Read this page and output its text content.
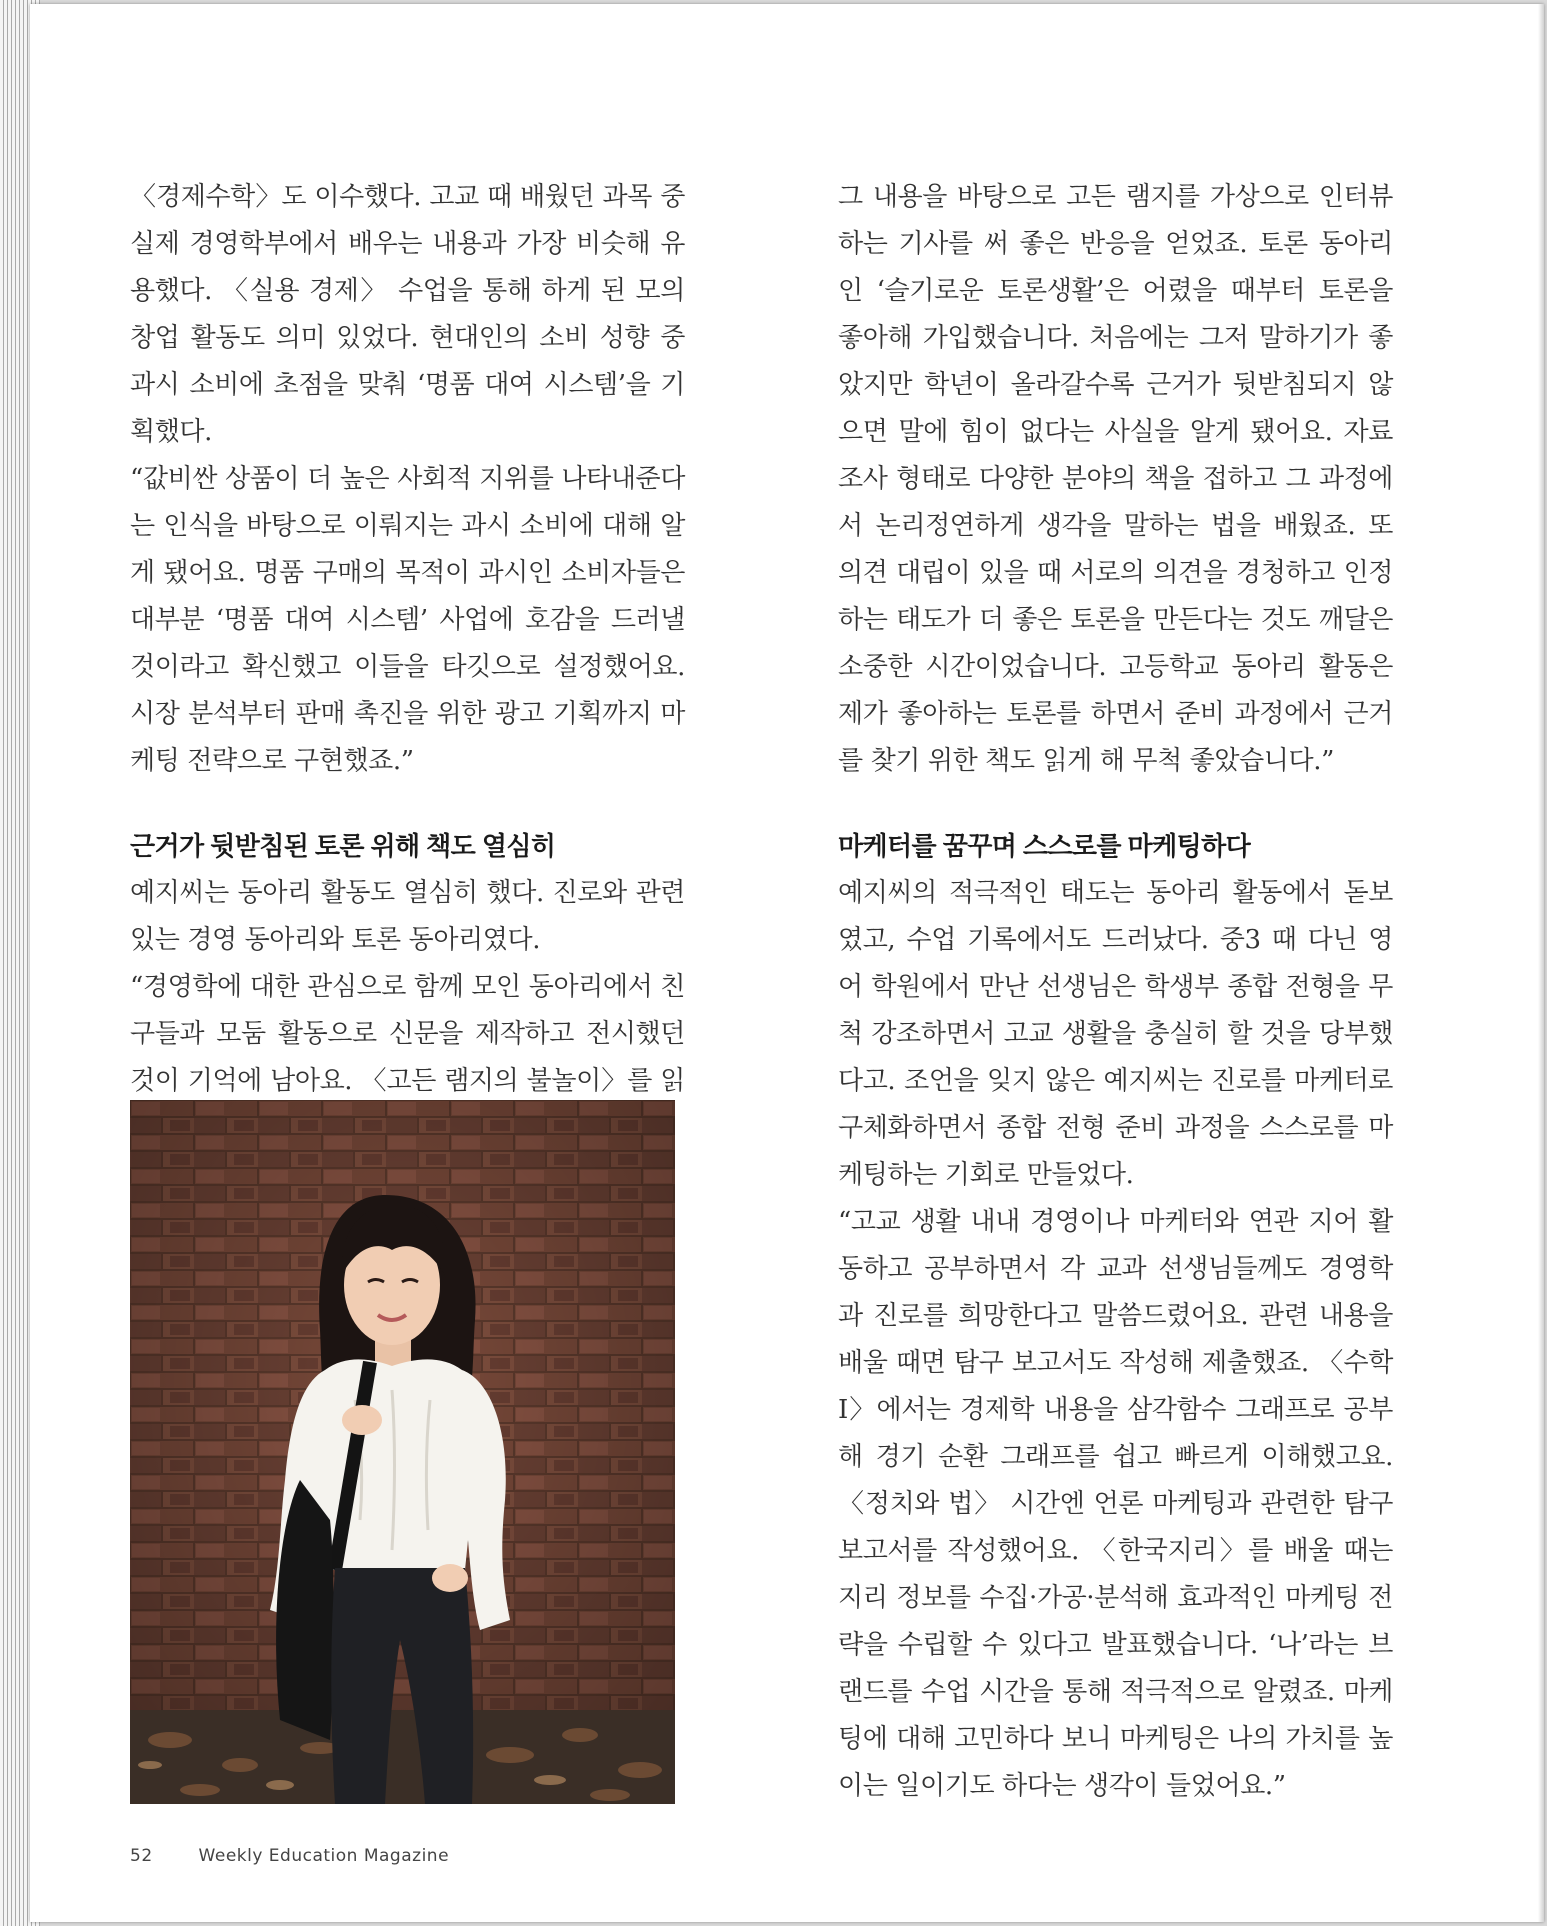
〈경제수학〉도 이수했다. 고교 때 배웠던 과목 중 실제 경영학부에서 배우는 내용과 가장 비슷해 유용했다. 〈실용 경제〉 수업을 통해 하게 된 모의 창업 활동도 의미 있었다. 현대인의 소비 성향 중 과시 소비에 초점을 맞춰 ‘명품 대여 시스템’을 기획했다.

“값비싼 상품이 더 높은 사회적 지위를 나타내준다는 인식을 바탕으로 이뤄지는 과시 소비에 대해 알게 됐어요. 명품 구매의 목적이 과시인 소비자들은 대부분 ‘명품 대여 시스템’ 사업에 호감을 드러낼 것이라고 확신했고 이들을 타깃으로 설정했어요. 시장 분석부터 판매 촉진을 위한 광고 기획까지 마케팅 전략으로 구현했죠.”

근거가 뒷받침된 토론 위해 책도 열심히

예지씨는 동아리 활동도 열심히 했다. 진로와 관련 있는 경영 동아리와 토론 동아리였다.

“경영학에 대한 관심으로 함께 모인 동아리에서 친구들과 모둠 활동으로 신문을 제작하고 전시했던 것이 기억에 남아요. 〈고든 램지의 불놀이〉를 읽

그 내용을 바탕으로 고든 램지를 가상으로 인터뷰하는 기사를 써 좋은 반응을 얻었죠. 토론 동아리인 ‘슬기로운 토론생활’은 어렸을 때부터 토론을 좋아해 가입했습니다. 처음에는 그저 말하기가 좋았지만 학년이 올라갈수록 근거가 뒷받침되지 않으면 말에 힘이 없다는 사실을 알게 됐어요. 자료 조사 형태로 다양한 분야의 책을 접하고 그 과정에서 논리정연하게 생각을 말하는 법을 배웠죠. 또 의견 대립이 있을 때 서로의 의견을 경청하고 인정하는 태도가 더 좋은 토론을 만든다는 것도 깨달은 소중한 시간이었습니다. 고등학교 동아리 활동은 제가 좋아하는 토론를 하면서 준비 과정에서 근거를 찾기 위한 책도 읽게 해 무척 좋았습니다.”

마케터를 꿈꾸며 스스로를 마케팅하다

예지씨의 적극적인 태도는 동아리 활동에서 돋보였고, 수업 기록에서도 드러났다. 중3 때 다닌 영어 학원에서 만난 선생님은 학생부 종합 전형을 무척 강조하면서 고교 생활을 충실히 할 것을 당부했다고. 조언을 잊지 않은 예지씨는 진로를 마케터로 구체화하면서 종합 전형 준비 과정을 스스로를 마케팅하는 기회로 만들었다.

“고교 생활 내내 경영이나 마케터와 연관 지어 활동하고 공부하면서 각 교과 선생님들께도 경영학과 진로를 희망한다고 말씀드렸어요. 관련 내용을 배울 때면 탐구 보고서도 작성해 제출했죠. 〈수학Ⅰ〉에서는 경제학 내용을 삼각함수 그래프로 공부해 경기 순환 그래프를 쉽고 빠르게 이해했고요. 〈정치와 법〉 시간엔 언론 마케팅과 관련한 탐구 보고서를 작성했어요. 〈한국지리〉를 배울 때는 지리 정보를 수집·가공·분석해 효과적인 마케팅 전략을 수립할 수 있다고 발표했습니다. ‘나’라는 브랜드를 수업 시간을 통해 적극적으로 알렸죠. 마케팅에 대해 고민하다 보니 마케팅은 나의 가치를 높이는 일이기도 하다는 생각이 들었어요.”

52	Weekly Education Magazine
